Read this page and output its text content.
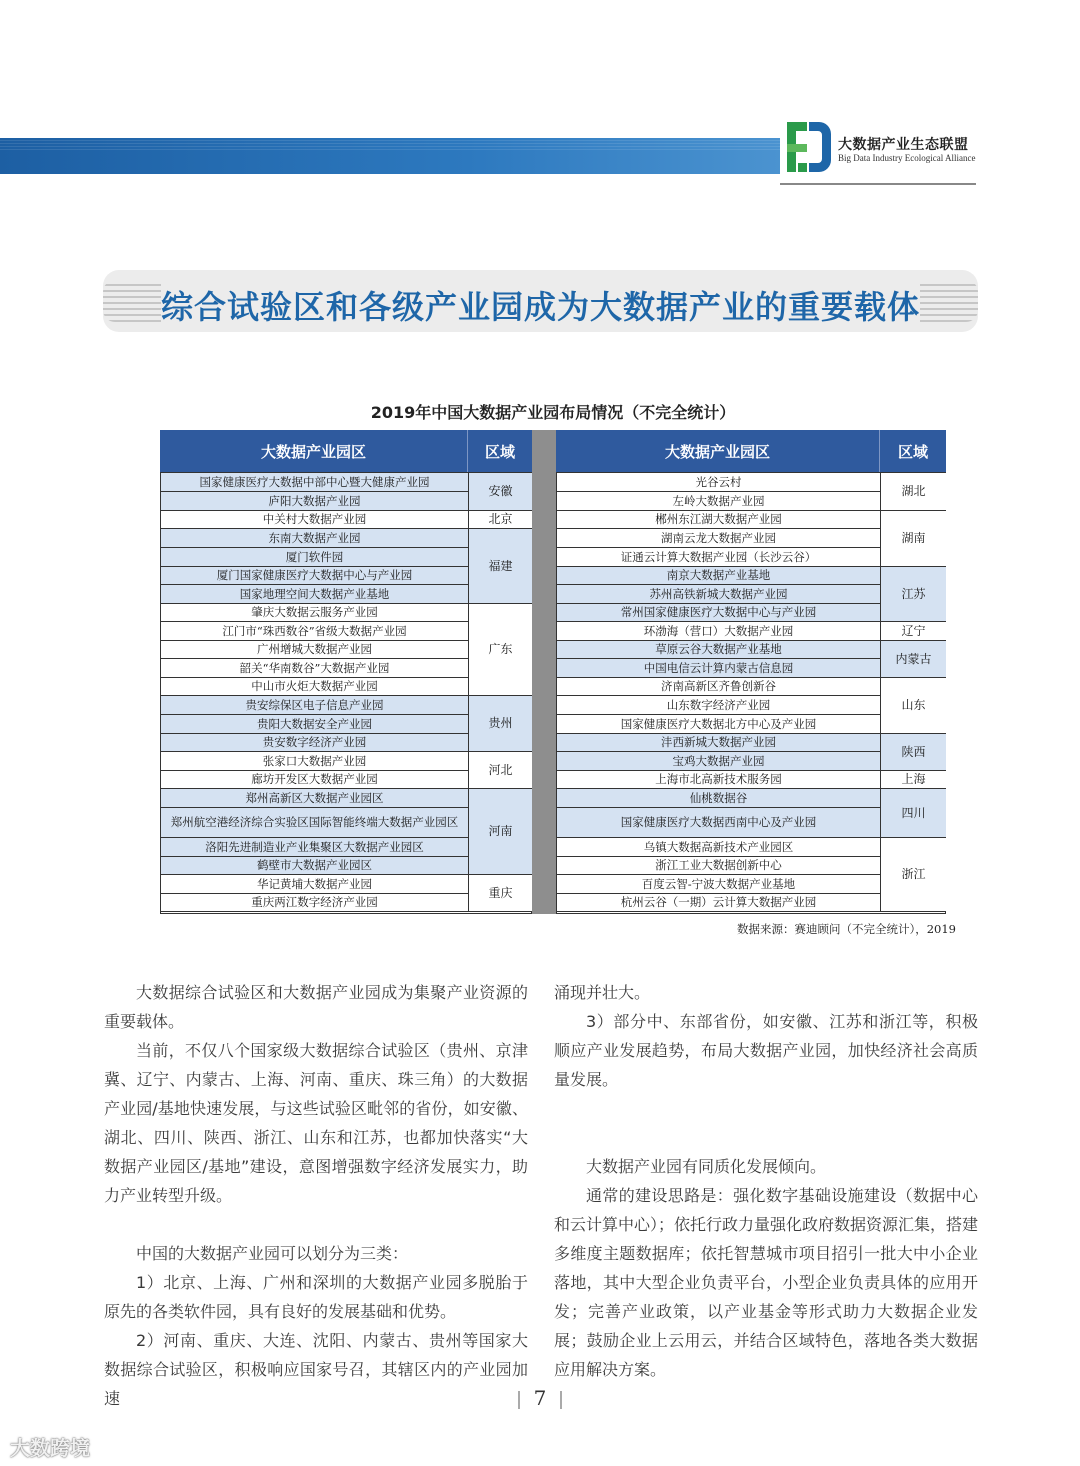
大数据产业生态联盟
Big Data Industry Ecological Alliance
综合试验区和各级产业园成为大数据产业的重要载体
2019年中国大数据产业园布局情况（不完全统计）
大数据产业园区	区域
国家健康医疗大数据中部中心暨大健康产业园
庐阳大数据产业园
中关村大数据产业园
东南大数据产业园
厦门软件园
厦门国家健康医疗大数据中心与产业园
国家地理空间大数据产业基地
肇庆大数据云服务产业园
江门市“珠西数谷”省级大数据产业园
广州增城大数据产业园
韶关“华南数谷”大数据产业园
中山市火炬大数据产业园
贵安综保区电子信息产业园
贵阳大数据安全产业园
贵安数字经济产业园
张家口大数据产业园
廊坊开发区大数据产业园
郑州高新区大数据产业园区
郑州航空港经济综合实验区国际智能终端大数据产业园区
洛阳先进制造业产业集聚区大数据产业园区
鹤壁市大数据产业园区
华记黄埔大数据产业园
重庆两江数字经济产业园
安徽
北京
福建
广东
贵州
河北
河南
重庆
大数据产业园区	区域
光谷云村
左岭大数据产业园
郴州东江湖大数据产业园
湖南云龙大数据产业园
证通云计算大数据产业园（长沙云谷）
南京大数据产业基地
苏州高铁新城大数据产业园
常州国家健康医疗大数据中心与产业园
环渤海（营口）大数据产业园
草原云谷大数据产业基地
中国电信云计算内蒙古信息园
济南高新区齐鲁创新谷
山东数字经济产业园
国家健康医疗大数据北方中心及产业园
沣西新城大数据产业园
宝鸡大数据产业园
上海市北高新技术服务园
仙桃数据谷
国家健康医疗大数据西南中心及产业园
乌镇大数据高新技术产业园区
浙江工业大数据创新中心
百度云智-宁波大数据产业基地
杭州云谷（一期）云计算大数据产业园
湖北
湖南
江苏
辽宁
内蒙古
山东
陕西
上海
四川
浙江
数据来源：赛迪顾问（不完全统计），2019

大数据综合试验区和大数据产业园成为集聚产业资源的重要载体。

当前，不仅八个国家级大数据综合试验区（贵州、京津冀、辽宁、内蒙古、上海、河南、重庆、珠三角）的大数据产业园/基地快速发展，与这些试验区毗邻的省份，如安徽、湖北、四川、陕西、浙江、山东和江苏，也都加快落实“大数据产业园区/基地”建设，意图增强数字经济发展实力，助力产业转型升级。

中国的大数据产业园可以划分为三类：

1）北京、上海、广州和深圳的大数据产业园多脱胎于原先的各类软件园，具有良好的发展基础和优势。

2）河南、重庆、大连、沈阳、内蒙古、贵州等国家大数据综合试验区，积极响应国家号召，其辖区内的产业园加速

涌现并壮大。

3）部分中、东部省份，如安徽、江苏和浙江等，积极顺应产业发展趋势，布局大数据产业园，加快经济社会高质量发展。

大数据产业园有同质化发展倾向。

通常的建设思路是：强化数字基础设施建设（数据中心和云计算中心）；依托行政力量强化政府数据资源汇集，搭建多维度主题数据库；依托智慧城市项目招引一批大中小企业落地，其中大型企业负责平台，小型企业负责具体的应用开发；完善产业政策，以产业基金等形式助力大数据企业发展；鼓励企业上云用云，并结合区域特色，落地各类大数据应用解决方案。

7
大数跨境
